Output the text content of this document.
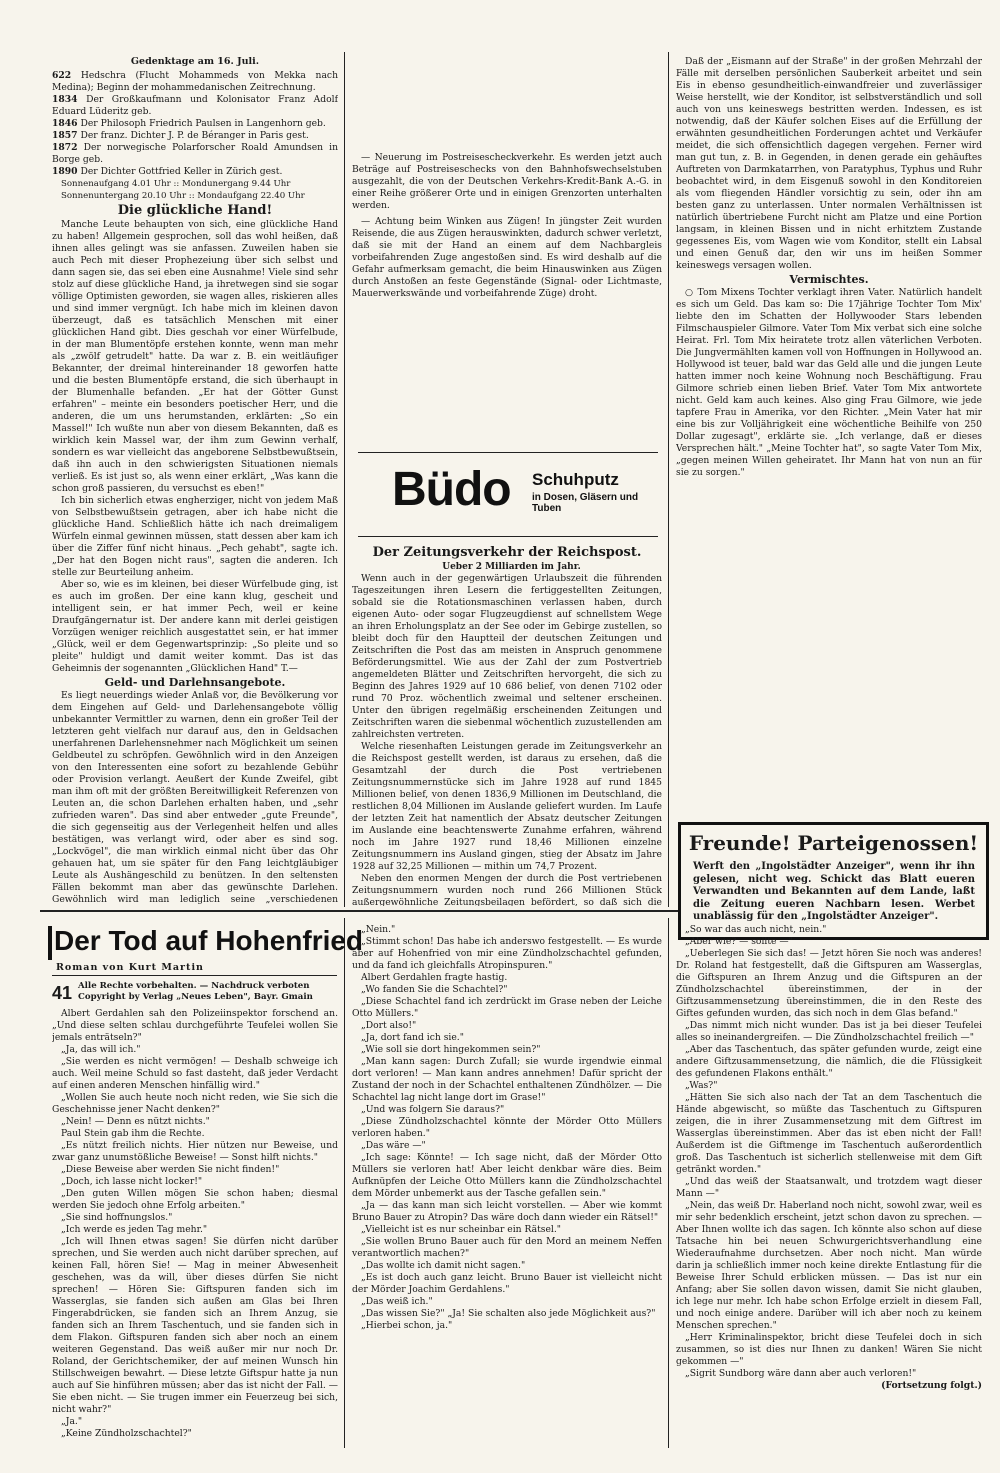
Gedenktage am 16. Juli.

622 Hedschra (Flucht Mohammeds von Mekka nach Medina); Beginn der mohammedanischen Zeitrechnung.

1834 Der Großkaufmann und Kolonisator Franz Adolf Eduard Lüderitz geb.

1846 Der Philosoph Friedrich Paulsen in Langenhorn geb.

1857 Der franz. Dichter J. P. de Béranger in Paris gest.

1872 Der norwegische Polarforscher Roald Amundsen in Borge geb.

1890 Der Dichter Gottfried Keller in Zürich gest.

Sonnenaufgang 4.01 Uhr :: Mondunergang 9.44 Uhr

Sonnenuntergang 20.10 Uhr :: Mondaufgang 22.40 Uhr

Die glückliche Hand!

Manche Leute behaupten von sich, eine glückliche Hand zu haben! Allgemein gesprochen, soll das wohl heißen, daß ihnen alles gelingt was sie anfassen. Zuweilen haben sie auch Pech mit dieser Prophezeiung über sich selbst und dann sagen sie, das sei eben eine Ausnahme! Viele sind sehr stolz auf diese glückliche Hand, ja ihretwegen sind sie sogar völlige Optimisten geworden, sie wagen alles, riskieren alles und sind immer vergnügt. Ich habe mich im kleinen davon überzeugt, daß es tatsächlich Menschen mit einer glücklichen Hand gibt. Dies geschah vor einer Würfelbude, in der man Blumentöpfe erstehen konnte, wenn man mehr als „zwölf getrudelt" hatte. Da war z. B. ein weitläufiger Bekannter, der dreimal hintereinander 18 geworfen hatte und die besten Blumentöpfe erstand, die sich überhaupt in der Blumenhalle befanden. „Er hat der Götter Gunst erfahren" – meinte ein besonders poetischer Herr, und die anderen, die um uns herumstanden, erklärten: „So ein Massel!" Ich wußte nun aber von diesem Bekannten, daß es wirklich kein Massel war, der ihm zum Gewinn verhalf, sondern es war vielleicht das angeborene Selbstbewußtsein, daß ihn auch in den schwierigsten Situationen niemals verließ. Es ist just so, als wenn einer erklärt, „Was kann die schon groß passieren, du versuchst es eben!"

Ich bin sicherlich etwas engherziger, nicht von jedem Maß von Selbstbewußtsein getragen, aber ich habe nicht die glückliche Hand. Schließlich hätte ich nach dreimaligem Würfeln einmal gewinnen müssen, statt dessen aber kam ich über die Ziffer fünf nicht hinaus. „Pech gehabt", sagte ich. „Der hat den Bogen nicht raus", sagten die anderen. Ich stelle zur Beurteilung anheim.

Aber so, wie es im kleinen, bei dieser Würfelbude ging, ist es auch im großen. Der eine kann klug, gescheit und intelligent sein, er hat immer Pech, weil er keine Draufgängernatur ist. Der andere kann mit derlei geistigen Vorzügen weniger reichlich ausgestattet sein, er hat immer „Glück, weil er dem Gegenwartsprinzip: „So pleite und so pleite" huldigt und damit weiter kommt. Das ist das Geheimnis der sogenannten „Glücklichen Hand" T.—

Geld- und Darlehnsangebote.

Es liegt neuerdings wieder Anlaß vor, die Bevölkerung vor dem Eingehen auf Geld- und Darlehensangebote völlig unbekannter Vermittler zu warnen, denn ein großer Teil der letzteren geht vielfach nur darauf aus, den in Geldsachen unerfahrenen Darlehensnehmer nach Möglichkeit um seinen Geldbeutel zu schröpfen. Gewöhnlich wird in den Anzeigen von den Interessenten eine sofort zu bezahlende Gebühr oder Provision verlangt. Aeußert der Kunde Zweifel, gibt man ihm oft mit der größten Bereitwilligkeit Referenzen von Leuten an, die schon Darlehen erhalten haben, und „sehr zufrieden waren". Das sind aber entweder „gute Freunde", die sich gegenseitig aus der Verlegenheit helfen und alles bestätigen, was verlangt wird, oder aber es sind sog. „Lockvögel", die man wirklich einmal nicht über das Ohr gehauen hat, um sie später für den Fang leichtgläubiger Leute als Aushängeschild zu benützen. In den seltensten Fällen bekommt man aber das gewünschte Darlehen. Gewöhnlich wird man lediglich seine „verschiedenen

— Neuerung im Postreisescheckverkehr. Es werden jetzt auch Beträge auf Postreiseschecks von den Bahnhofswechselstuben ausgezahlt, die von der Deutschen Verkehrs-Kredit-Bank A.-G. in einer Reihe größerer Orte und in einigen Grenzorten unterhalten werden.

— Achtung beim Winken aus Zügen! In jüngster Zeit wurden Reisende, die aus Zügen herauswinkten, dadurch schwer verletzt, daß sie mit der Hand an einem auf dem Nachbargleis vorbeifahrenden Zuge angestoßen sind. Es wird deshalb auf die Gefahr aufmerksam gemacht, die beim Hinauswinken aus Zügen durch Anstoßen an feste Gegenstände (Signal- oder Lichtmaste, Mauerwerkswände und vorbeifahrende Züge) droht.

Büdo Schuhputz
in Dosen, Gläsern und Tuben

Der Zeitungsverkehr der Reichspost.

Ueber 2 Milliarden im Jahr.

Wenn auch in der gegenwärtigen Urlaubszeit die führenden Tageszeitungen ihren Lesern die fertiggestellten Zeitungen, sobald sie die Rotationsmaschinen verlassen haben, durch eigenen Auto- oder sogar Flugzeugdienst auf schnellstem Wege an ihren Erholungsplatz an der See oder im Gebirge zustellen, so bleibt doch für den Hauptteil der deutschen Zeitungen und Zeitschriften die Post das am meisten in Anspruch genommene Beförderungsmittel. Wie aus der Zahl der zum Postvertrieb angemeldeten Blätter und Zeitschriften hervorgeht, die sich zu Beginn des Jahres 1929 auf 10 686 belief, von denen 7102 oder rund 70 Proz. wöchentlich zweimal und seltener erscheinen. Unter den übrigen regelmäßig erscheinenden Zeitungen und Zeitschriften waren die siebenmal wöchentlich zuzustellenden am zahlreichsten vertreten.

Welche riesenhaften Leistungen gerade im Zeitungsverkehr an die Reichspost gestellt werden, ist daraus zu ersehen, daß die Gesamtzahl der durch die Post vertriebenen Zeitungsnummernstücke sich im Jahre 1928 auf rund 1845 Millionen belief, von denen 1836,9 Millionen im Deutschland, die restlichen 8,04 Millionen im Auslande geliefert wurden. Im Laufe der letzten Zeit hat namentlich der Absatz deutscher Zeitungen im Auslande eine beachtenswerte Zunahme erfahren, während noch im Jahre 1927 rund 18,46 Millionen einzelne Zeitungsnummern ins Ausland gingen, stieg der Absatz im Jahre 1928 auf 32,25 Millionen — mithin um 74,7 Prozent.

Neben den enormen Mengen der durch die Post vertriebenen Zeitungsnummern wurden noch rund 266 Millionen Stück außergewöhnliche Zeitungsbeilagen befördert, so daß sich die

Daß der „Eismann auf der Straße" in der großen Mehrzahl der Fälle mit derselben persönlichen Sauberkeit arbeitet und sein Eis in ebenso gesundheitlich-einwandfreier und zuverlässiger Weise herstellt, wie der Konditor, ist selbstverständlich und soll auch von uns keineswegs bestritten werden. Indessen, es ist notwendig, daß der Käufer solchen Eises auf die Erfüllung der erwähnten gesundheitlichen Forderungen achtet und Verkäufer meidet, die sich offensichtlich dagegen vergehen. Ferner wird man gut tun, z. B. in Gegenden, in denen gerade ein gehäuftes Auftreten von Darmkatarrhen, von Paratyphus, Typhus und Ruhr beobachtet wird, in dem Eisgenuß sowohl in den Konditoreien als vom fliegenden Händler vorsichtig zu sein, oder ihn am besten ganz zu unterlassen. Unter normalen Verhältnissen ist natürlich übertriebene Furcht nicht am Platze und eine Portion langsam, in kleinen Bissen und in nicht erhitztem Zustande gegessenes Eis, vom Wagen wie vom Konditor, stellt ein Labsal und einen Genuß dar, den wir uns im heißen Sommer keineswegs versagen wollen.

Vermischtes.

○ Tom Mixens Tochter verklagt ihren Vater. Natürlich handelt es sich um Geld. Das kam so: Die 17jährige Tochter Tom Mix' liebte den im Schatten der Hollywooder Stars lebenden Filmschauspieler Gilmore. Vater Tom Mix verbat sich eine solche Heirat. Frl. Tom Mix heiratete trotz allen väterlichen Verboten. Die Jungvermählten kamen voll von Hoffnungen in Hollywood an. Hollywood ist teuer, bald war das Geld alle und die jungen Leute hatten immer noch keine Wohnung noch Beschäftigung. Frau Gilmore schrieb einen lieben Brief. Vater Tom Mix antwortete nicht. Geld kam auch keines. Also ging Frau Gilmore, wie jede tapfere Frau in Amerika, vor den Richter. „Mein Vater hat mir eine bis zur Volljährigkeit eine wöchentliche Beihilfe von 250 Dollar zugesagt", erklärte sie. „Ich verlange, daß er dieses Versprechen hält." „Meine Tochter hat", so sagte Vater Tom Mix, „gegen meinen Willen geheiratet. Ihr Mann hat von nun an für sie zu sorgen."

Freunde! Parteigenossen!
Werft den „Ingolstädter Anzeiger", wenn ihr ihn gelesen, nicht weg. Schickt das Blatt eueren Verwandten und Bekannten auf dem Lande, laßt die Zeitung eueren Nachbarn lesen. Werbet unablässig für den „Ingolstädter Anzeiger".
Der Tod auf Hohenfried
Roman von Kurt Martin
41 Alle Rechte vorbehalten. — Nachdruck verboten
Copyright by Verlag „Neues Leben", Bayr. Gmain

Albert Gerdahlen sah den Polizeiinspektor forschend an. „Und diese selten schlau durchgeführte Teufelei wollen Sie jemals enträtseln?"

„Ja, das will ich."

„Sie werden es nicht vermögen! — Deshalb schweige ich auch. Weil meine Schuld so fast dasteht, daß jeder Verdacht auf einen anderen Menschen hinfällig wird."

„Wollen Sie auch heute noch nicht reden, wie Sie sich die Geschehnisse jener Nacht denken?"

„Nein! — Denn es nützt nichts."

Paul Stein gab ihm die Rechte.

„Es nützt freilich nichts. Hier nützen nur Beweise, und zwar ganz unumstößliche Beweise! — Sonst hilft nichts."

„Diese Beweise aber werden Sie nicht finden!"

„Doch, ich lasse nicht locker!"

„Den guten Willen mögen Sie schon haben; diesmal werden Sie jedoch ohne Erfolg arbeiten."

„Sie sind hoffnungslos."

„Ich werde es jeden Tag mehr."

„Ich will Ihnen etwas sagen! Sie dürfen nicht darüber sprechen, und Sie werden auch nicht darüber sprechen, auf keinen Fall, hören Sie! — Mag in meiner Abwesenheit geschehen, was da will, über dieses dürfen Sie nicht sprechen! — Hören Sie: Giftspuren fanden sich im Wasserglas, sie fanden sich außen am Glas bei Ihren Fingerabdrücken, sie fanden sich an Ihrem Anzug, sie fanden sich an Ihrem Taschentuch, und sie fanden sich in dem Flakon. Giftspuren fanden sich aber noch an einem weiteren Gegenstand. Das weiß außer mir nur noch Dr. Roland, der Gerichtschemiker, der auf meinen Wunsch hin Stillschweigen bewahrt. — Diese letzte Giftspur hatte ja nun auch auf Sie hinführen müssen; aber das ist nicht der Fall. — Sie eben nicht. — Sie trugen immer ein Feuerzeug bei sich, nicht wahr?"

„Ja."

„Keine Zündholzschachtel?"

„Nein."

„Stimmt schon! Das habe ich anderswo festgestellt. — Es wurde aber auf Hohenfried von mir eine Zündholzschachtel gefunden, und da fand ich gleichfalls Atropinspuren."

Albert Gerdahlen fragte hastig.

„Wo fanden Sie die Schachtel?"

„Diese Schachtel fand ich zerdrückt im Grase neben der Leiche Otto Müllers."

„Dort also!"

„Ja, dort fand ich sie."

„Wie soll sie dort hingekommen sein?"

„Man kann sagen: Durch Zufall; sie wurde irgendwie einmal dort verloren! — Man kann andres annehmen! Dafür spricht der Zustand der noch in der Schachtel enthaltenen Zündhölzer. — Die Schachtel lag nicht lange dort im Grase!"

„Und was folgern Sie daraus?"

„Diese Zündholzschachtel könnte der Mörder Otto Müllers verloren haben."

„Das wäre —"

„Ich sage: Könnte! — Ich sage nicht, daß der Mörder Otto Müllers sie verloren hat! Aber leicht denkbar wäre dies. Beim Aufknüpfen der Leiche Otto Müllers kann die Zündholzschachtel dem Mörder unbemerkt aus der Tasche gefallen sein."

„Ja — das kann man sich leicht vorstellen. — Aber wie kommt Bruno Bauer zu Atropin? Das wäre doch dann wieder ein Rätsel!"

„Vielleicht ist es nur scheinbar ein Rätsel."

„Sie wollen Bruno Bauer auch für den Mord an meinem Neffen verantwortlich machen?"

„Das wollte ich damit nicht sagen."

„Es ist doch auch ganz leicht. Bruno Bauer ist vielleicht nicht der Mörder Joachim Gerdahlens."

„Das weiß ich."

„Das wissen Sie?" „Ja! Sie schalten also jede Möglichkeit aus?"

„Hierbei schon, ja."

„So war das auch nicht, nein."

„Aber wie? — sollte —"

„Ueberlegen Sie sich das! — Jetzt hören Sie noch was anderes! Dr. Roland hat festgestellt, daß die Giftspuren am Wasserglas, die Giftspuren an Ihrem Anzug und die Giftspuren an der Zündholzschachtel übereinstimmen, der in der Giftzusammensetzung übereinstimmen, die in den Reste des Giftes gefunden wurden, das sich noch in dem Glas befand."

„Das nimmt mich nicht wunder. Das ist ja bei dieser Teufelei alles so ineinandergreifen. — Die Zündholzschachtel freilich —"

„Aber das Taschentuch, das später gefunden wurde, zeigt eine andere Giftzusammensetzung, die nämlich, die die Flüssigkeit des gefundenen Flakons enthält."

„Was?"

„Hätten Sie sich also nach der Tat an dem Taschentuch die Hände abgewischt, so müßte das Taschentuch zu Giftspuren zeigen, die in ihrer Zusammensetzung mit dem Giftrest im Wasserglas übereinstimmen. Aber das ist eben nicht der Fall! Außerdem ist die Giftmenge im Taschentuch außerordentlich groß. Das Taschentuch ist sicherlich stellenweise mit dem Gift getränkt worden."

„Und das weiß der Staatsanwalt, und trotzdem wagt dieser Mann —"

„Nein, das weiß Dr. Haberland noch nicht, sowohl zwar, weil es mir sehr bedenklich erscheint, jetzt schon davon zu sprechen. — Aber Ihnen wollte ich das sagen. Ich könnte also schon auf diese Tatsache hin bei neuen Schwurgerichtsverhandlung eine Wiederaufnahme durchsetzen. Aber noch nicht. Man würde darin ja schließlich immer noch keine direkte Entlastung für die Beweise Ihrer Schuld erblicken müssen. — Das ist nur ein Anfang; aber Sie sollen davon wissen, damit Sie nicht glauben, ich lege nur mehr. Ich habe schon Erfolge erzielt in diesem Fall, und noch einige andere. Darüber will ich aber noch zu keinem Menschen sprechen."

„Herr Kriminalinspektor, bricht diese Teufelei doch in sich zusammen, so ist dies nur Ihnen zu danken! Wären Sie nicht gekommen —"

„Sigrit Sundborg wäre dann aber auch verloren!"

(Fortsetzung folgt.)
